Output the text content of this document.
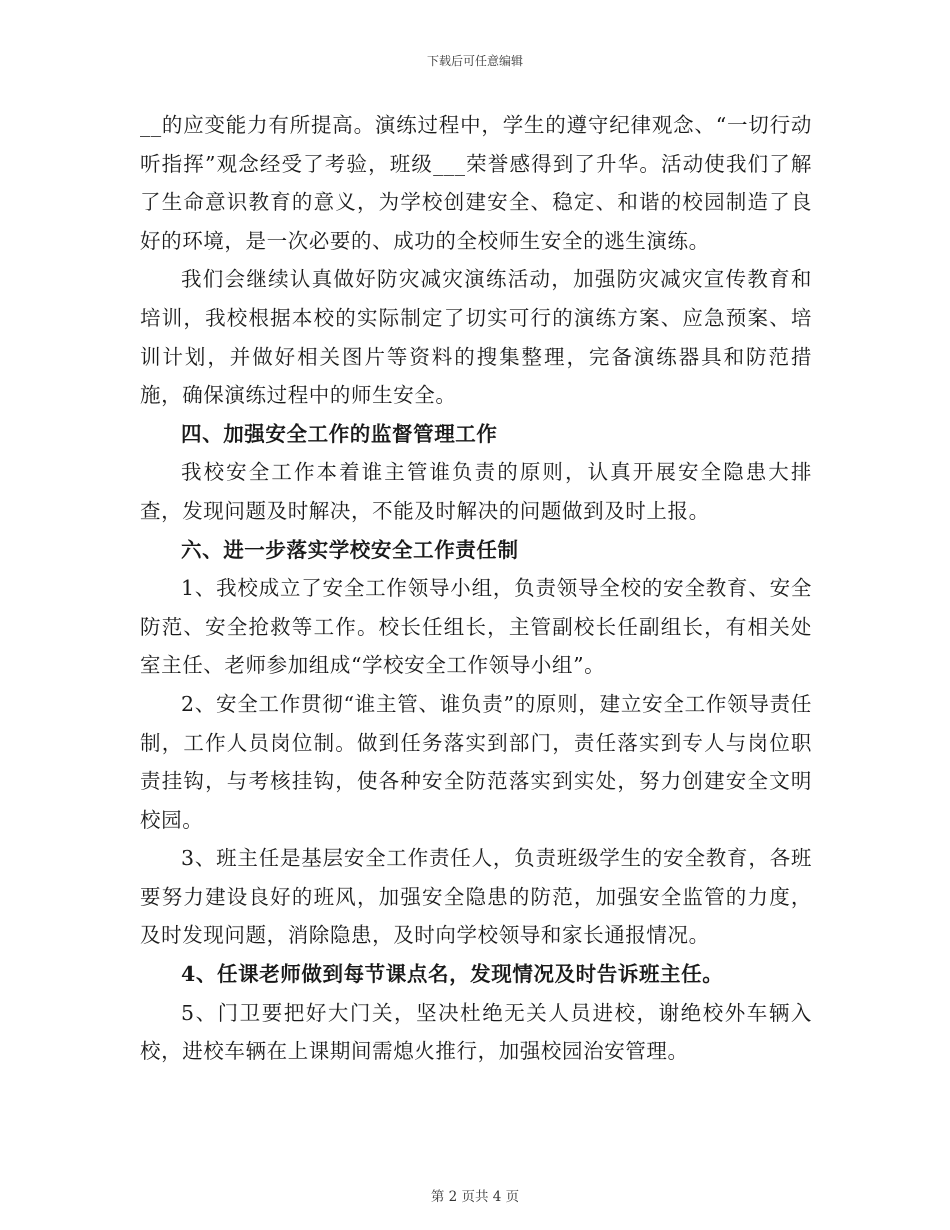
下载后可任意编辑

__的应变能力有所提高。演练过程中，学生的遵守纪律观念、“一切行动听指挥”观念经受了考验，班级___荣誉感得到了升华。活动使我们了解了生命意识教育的意义，为学校创建安全、稳定、和谐的校园制造了良好的环境，是一次必要的、成功的全校师生安全的逃生演练。

我们会继续认真做好防灾减灾演练活动，加强防灾减灾宣传教育和培训，我校根据本校的实际制定了切实可行的演练方案、应急预案、培训计划，并做好相关图片等资料的搜集整理，完备演练器具和防范措施，确保演练过程中的师生安全。

四、加强安全工作的监督管理工作

我校安全工作本着谁主管谁负责的原则，认真开展安全隐患大排查，发现问题及时解决，不能及时解决的问题做到及时上报。

六、进一步落实学校安全工作责任制

1、我校成立了安全工作领导小组，负责领导全校的安全教育、安全防范、安全抢救等工作。校长任组长，主管副校长任副组长，有相关处室主任、老师参加组成“学校安全工作领导小组”。

2、安全工作贯彻“谁主管、谁负责”的原则，建立安全工作领导责任制，工作人员岗位制。做到任务落实到部门，责任落实到专人与岗位职责挂钩，与考核挂钩，使各种安全防范落实到实处，努力创建安全文明校园。

3、班主任是基层安全工作责任人，负责班级学生的安全教育，各班要努力建设良好的班风，加强安全隐患的防范，加强安全监管的力度，及时发现问题，消除隐患，及时向学校领导和家长通报情况。

4、任课老师做到每节课点名，发现情况及时告诉班主任。

5、门卫要把好大门关，坚决杜绝无关人员进校，谢绝校外车辆入校，进校车辆在上课期间需熄火推行，加强校园治安管理。

第 2 页共 4 页
